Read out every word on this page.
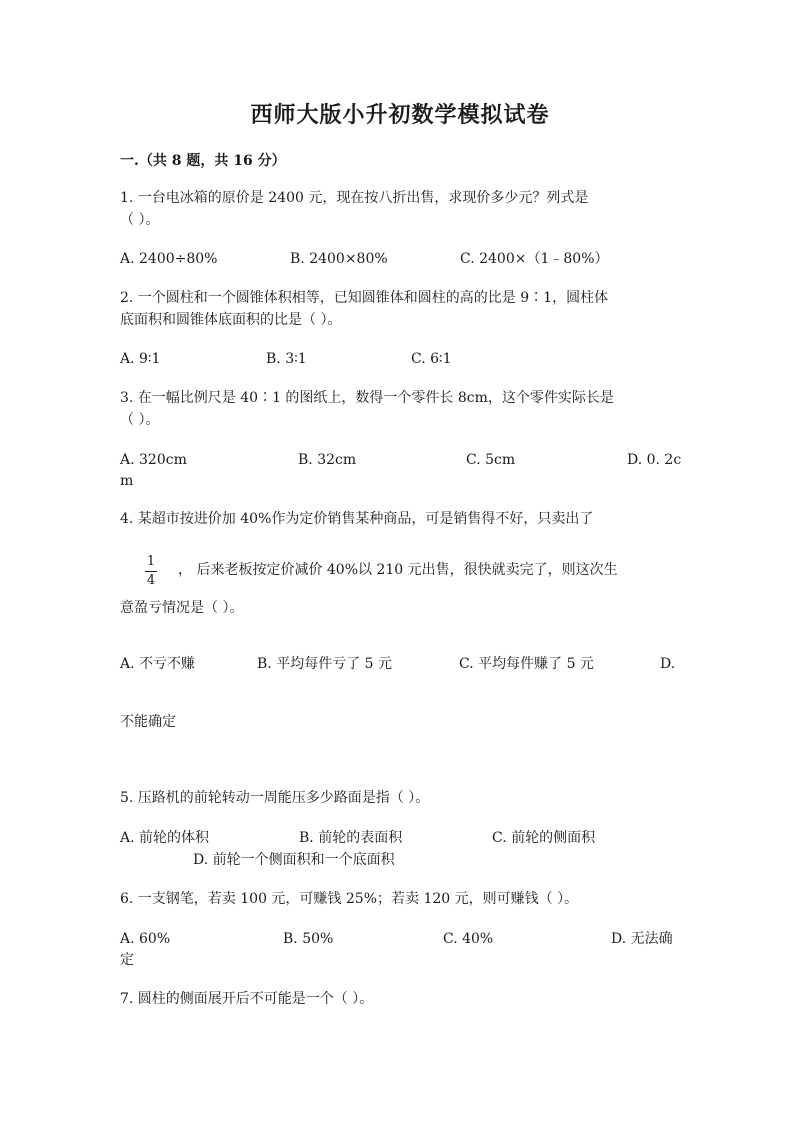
西师大版小升初数学模拟试卷
一.（共 8 题，共 16 分）
1. 一台电冰箱的原价是 2400 元，现在按八折出售，求现价多少元？列式是
（ ）。
A. 2400÷80%	B. 2400×80%	C. 2400×（1﹣80%）
2. 一个圆柱和一个圆锥体积相等，已知圆锥体和圆柱的高的比是 9∶1，圆柱体
底面积和圆锥体底面积的比是（ ）。
A. 9∶1	B. 3∶1	C. 6∶1
3. 在一幅比例尺是 40∶1 的图纸上，数得一个零件长 8cm，这个零件实际长是
（ ）。
A. 320cm	B. 32cm	C. 5cm	D. 0. 2c
m
4. 某超市按进价加 40%作为定价销售某种商品，可是销售得不好，只卖出了
1
4
， 后来老板按定价减价 40%以 210 元出售，很快就卖完了，则这次生
意盈亏情况是（ ）。
A. 不亏不赚	B. 平均每件亏了 5 元	C. 平均每件赚了 5 元	D.
不能确定
5. 压路机的前轮转动一周能压多少路面是指（ ）。
A. 前轮的体积	B. 前轮的表面积	C. 前轮的侧面积
D. 前轮一个侧面积和一个底面积
6. 一支钢笔，若卖 100 元，可赚钱 25%；若卖 120 元，则可赚钱（ ）。
A. 60%	B. 50%	C. 40%	D. 无法确
定
7. 圆柱的侧面展开后不可能是一个（ ）。
